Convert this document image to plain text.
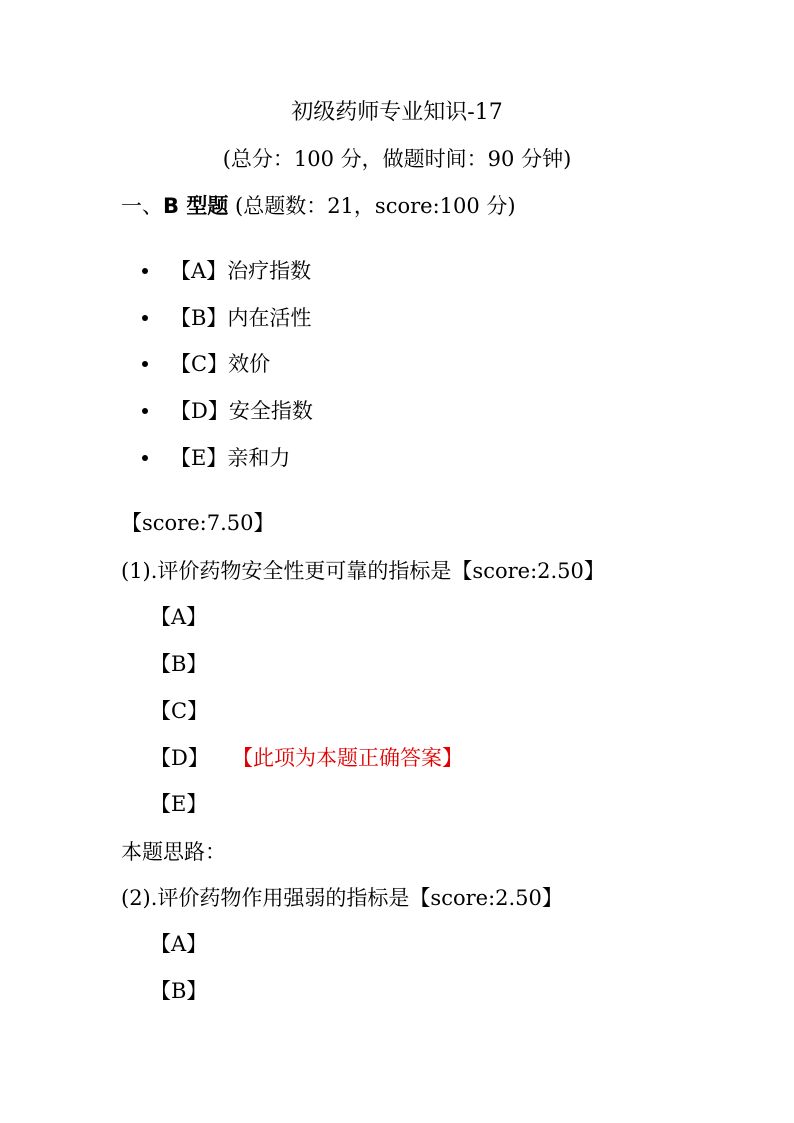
初级药师专业知识-17
(总分：100 分，做题时间：90 分钟)
一、B 型题 (总题数：21，score:100 分)
【A】治疗指数
【B】内在活性
【C】效价
【D】安全指数
【E】亲和力
【score:7.50】
(1).评价药物安全性更可靠的指标是【score:2.50】
【A】
【B】
【C】
【D】 【此项为本题正确答案】
【E】
本题思路：
(2).评价药物作用强弱的指标是【score:2.50】
【A】
【B】
